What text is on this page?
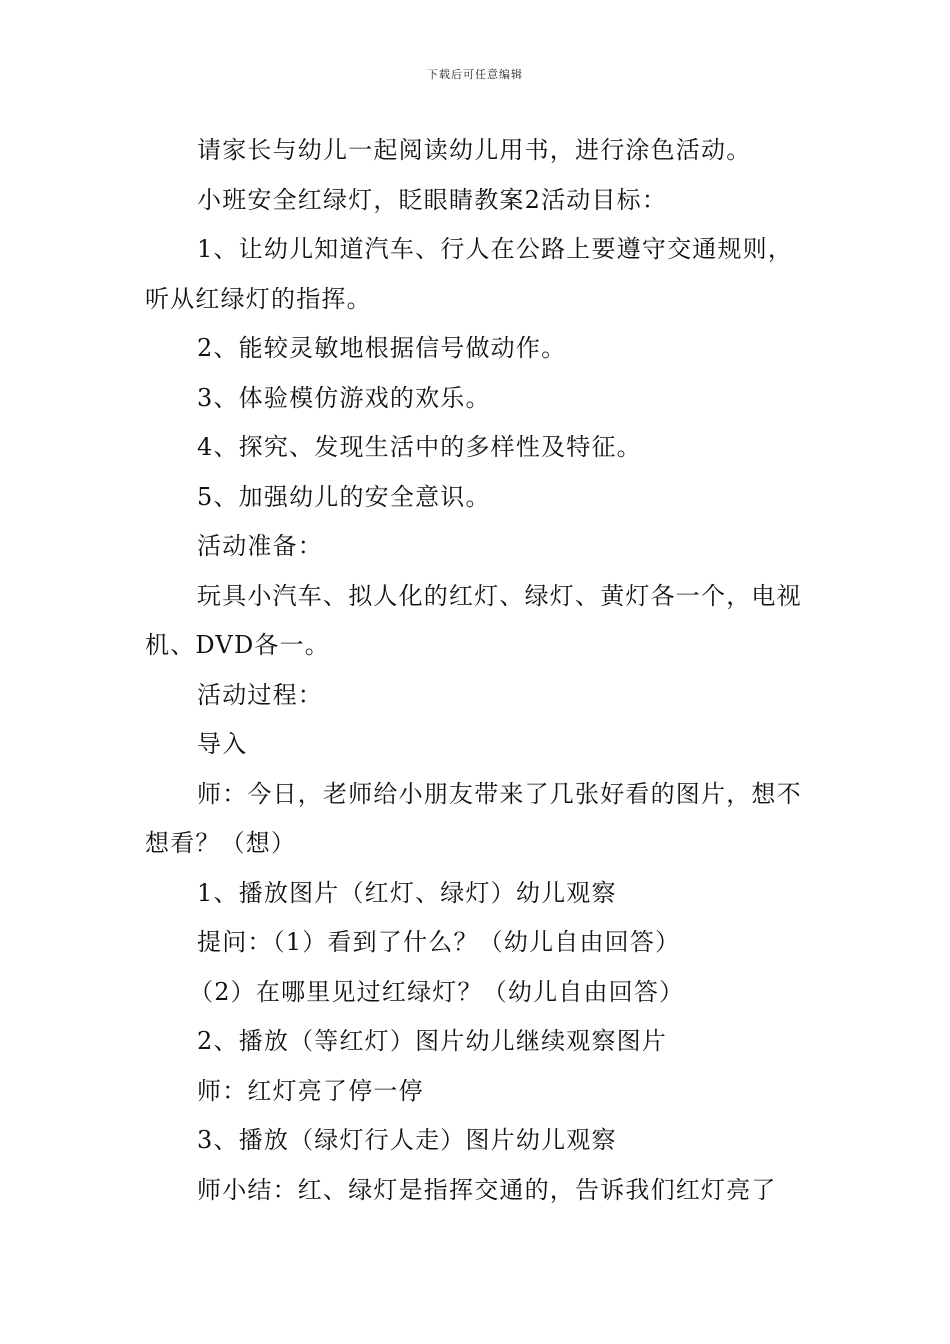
下载后可任意编辑

请家长与幼儿一起阅读幼儿用书，进行涂色活动。

小班安全红绿灯，眨眼睛教案2活动目标：

1、让幼儿知道汽车、行人在公路上要遵守交通规则，听从红绿灯的指挥。

2、能较灵敏地根据信号做动作。

3、体验模仿游戏的欢乐。

4、探究、发现生活中的多样性及特征。

5、加强幼儿的安全意识。

活动准备：

玩具小汽车、拟人化的红灯、绿灯、黄灯各一个，电视机、DVD各一。

活动过程：

导入

师：今日，老师给小朋友带来了几张好看的图片，想不想看？（想）

1、播放图片（红灯、绿灯）幼儿观察

提问：（1）看到了什么？（幼儿自由回答）

（2）在哪里见过红绿灯？（幼儿自由回答）

2、播放（等红灯）图片幼儿继续观察图片

师：红灯亮了停一停

3、播放（绿灯行人走）图片幼儿观察

师小结：红、绿灯是指挥交通的，告诉我们红灯亮了
